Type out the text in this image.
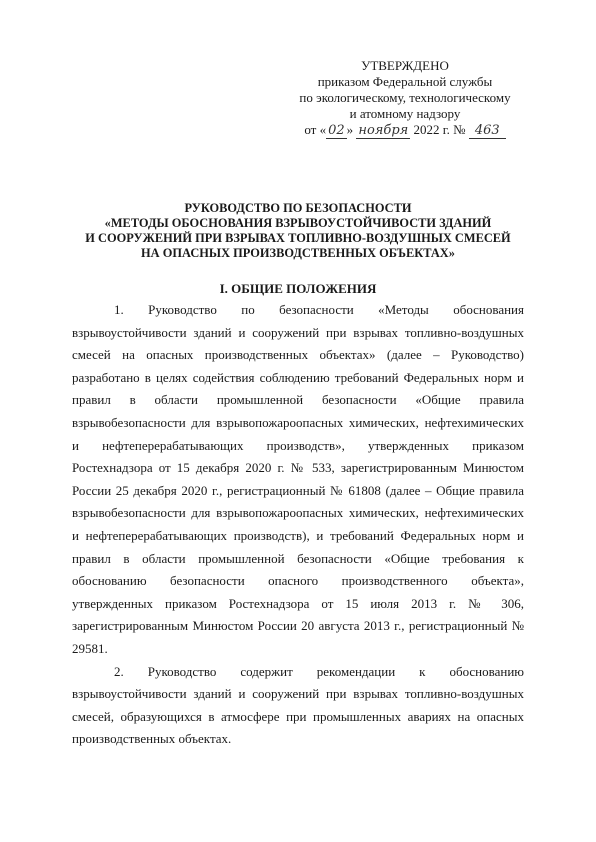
УТВЕРЖДЕНО
приказом Федеральной службы
по экологическому, технологическому
и атомному надзору
от « 02 » ноября 2022 г. № 463
РУКОВОДСТВО ПО БЕЗОПАСНОСТИ
«МЕТОДЫ ОБОСНОВАНИЯ ВЗРЫВОУСТОЙЧИВОСТИ ЗДАНИЙ
И СООРУЖЕНИЙ ПРИ ВЗРЫВАХ ТОПЛИВНО-ВОЗДУШНЫХ СМЕСЕЙ
НА ОПАСНЫХ ПРОИЗВОДСТВЕННЫХ ОБЪЕКТАХ»
I. ОБЩИЕ ПОЛОЖЕНИЯ

1. Руководство по безопасности «Методы обоснования взрывоустойчивости зданий и сооружений при взрывах топливно-воздушных смесей на опасных производственных объектах» (далее – Руководство) разработано в целях содействия соблюдению требований Федеральных норм и правил в области промышленной безопасности «Общие правила взрывобезопасности для взрывопожароопасных химических, нефтехимических и нефтеперерабатывающих производств», утвержденных приказом Ростехнадзора от 15 декабря 2020 г. № 533, зарегистрированным Минюстом России 25 декабря 2020 г., регистрационный № 61808 (далее – Общие правила взрывобезопасности для взрывопожароопасных химических, нефтехимических и нефтеперерабатывающих производств), и требований Федеральных норм и правил в области промышленной безопасности «Общие требования к обоснованию безопасности опасного производственного объекта», утвержденных приказом Ростехнадзора от 15 июля 2013 г. № 306, зарегистрированным Минюстом России 20 августа 2013 г., регистрационный № 29581.

2. Руководство содержит рекомендации к обоснованию взрывоустойчивости зданий и сооружений при взрывах топливно-воздушных смесей, образующихся в атмосфере при промышленных авариях на опасных производственных объектах.
